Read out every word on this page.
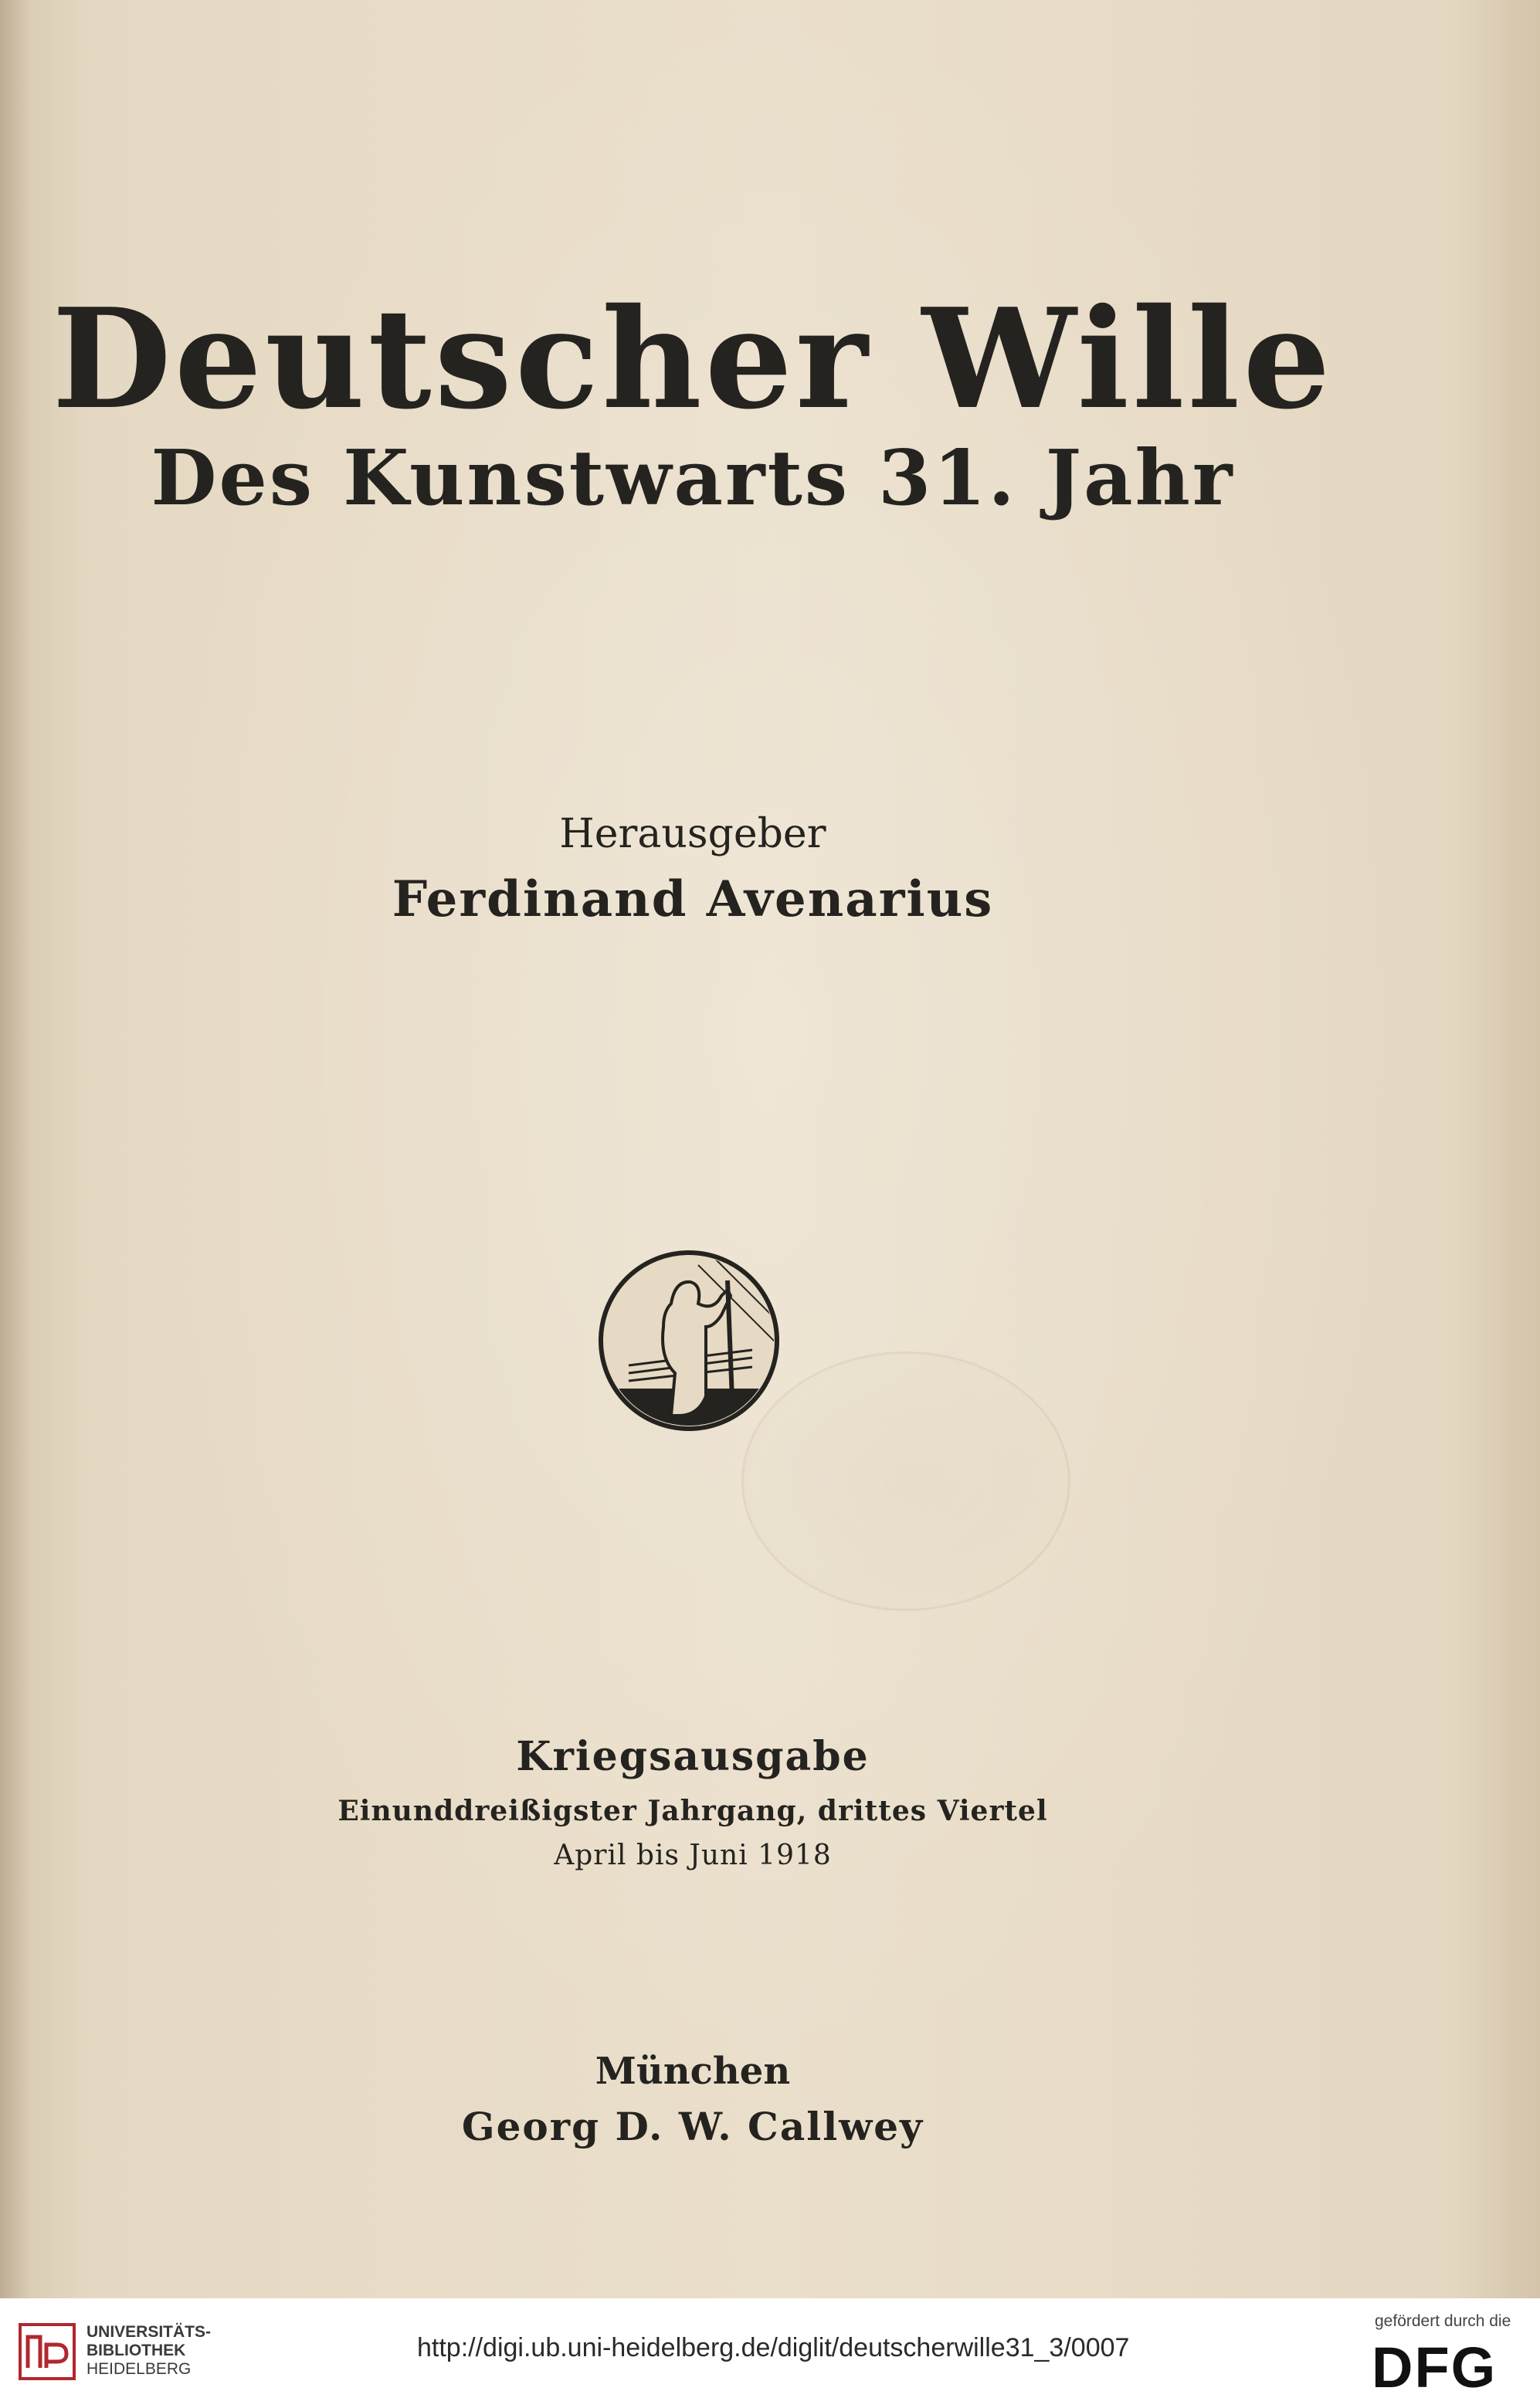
Deutscher Wille
Des Kunstwarts 31. Jahr
Herausgeber
Ferdinand Avenarius
Kriegsausgabe
Einunddreißigster Jahrgang, drittes Viertel
April bis Juni 1918
München
Georg D. W. Callwey
UNIVERSITÄTS-
BIBLIOTHEK
HEIDELBERG
http://digi.ub.uni-heidelberg.de/diglit/deutscherwille31_3/0007
gefördert durch die
DFG
